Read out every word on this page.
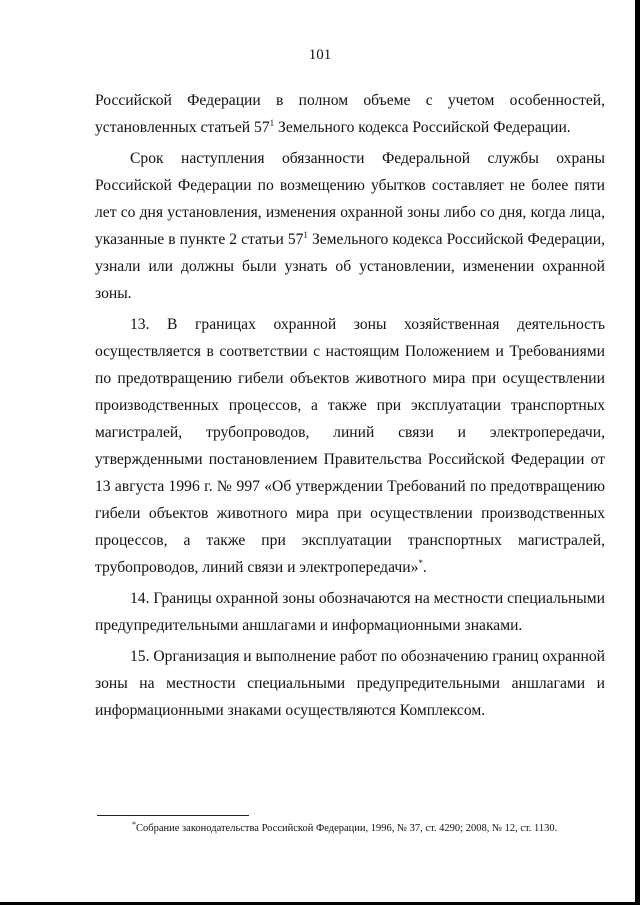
101

Российской Федерации в полном объеме с учетом особенностей, установленных статьей $57^1$ Земельного кодекса Российской Федерации.

Срок наступления обязанности Федеральной службы охраны Российской Федерации по возмещению убытков составляет не более пяти лет со дня установления, изменения охранной зоны либо со дня, когда лица, указанные в пункте 2 статьи $57^1$ Земельного кодекса Российской Федерации, узнали или должны были узнать об установлении, изменении охранной зоны.

13. В границах охранной зоны хозяйственная деятельность осуществляется в соответствии с настоящим Положением и Требованиями по предотвращению гибели объектов животного мира при осуществлении производственных процессов, а также при эксплуатации транспортных магистралей, трубопроводов, линий связи и электропередачи, утвержденными постановлением Правительства Российской Федерации от 13 августа 1996 г. № 997 «Об утверждении Требований по предотвращению гибели объектов животного мира при осуществлении производственных процессов, а также при эксплуатации транспортных магистралей, трубопроводов, линий связи и электропередачи»*.

14. Границы охранной зоны обозначаются на местности специальными предупредительными аншлагами и информационными знаками.

15. Организация и выполнение работ по обозначению границ охранной зоны на местности специальными предупредительными аншлагами и информационными знаками осуществляются Комплексом.

*Собрание законодательства Российской Федерации, 1996, № 37, ст. 4290; 2008, № 12, ст. 1130.
